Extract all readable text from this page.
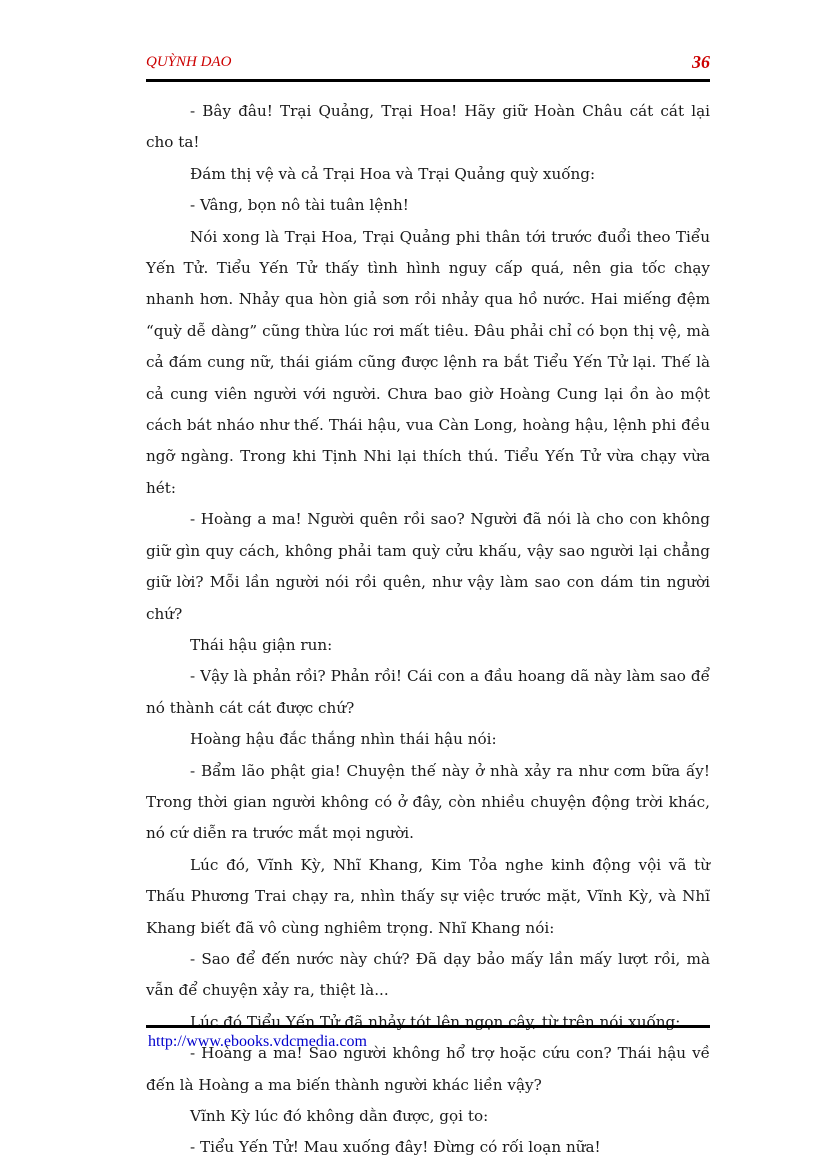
QUỲNH DAO	36

- Bây đâu! Trại Quảng, Trại Hoa! Hãy giữ Hoàn Châu cát cát lại cho ta!

Đám thị vệ và cả Trại Hoa và Trại Quảng quỳ xuống:

- Vâng, bọn nô tài tuân lệnh!

Nói xong là Trại Hoa, Trại Quảng phi thân tới trước đuổi theo Tiểu Yến Tử. Tiểu Yến Tử thấy tình hình nguy cấp quá, nên gia tốc chạy nhanh hơn. Nhảy qua hòn giả sơn rồi nhảy qua hồ nước. Hai miếng đệm “quỳ dễ dàng” cũng thừa lúc rơi mất tiêu. Đâu phải chỉ có bọn thị vệ, mà cả đám cung nữ, thái giám cũng được lệnh ra bắt Tiểu Yến Tử lại. Thế là cả cung viên người với người. Chưa bao giờ Hoàng Cung lại ồn ào một cách bát nháo như thế. Thái hậu, vua Càn Long, hoàng hậu, lệnh phi đều ngỡ ngàng. Trong khi Tịnh Nhi lại thích thú. Tiểu Yến Tử vừa chạy vừa hét:

- Hoàng a ma! Người quên rồi sao? Người đã nói là cho con không giữ gìn quy cách, không phải tam quỳ cửu khấu, vậy sao người lại chẳng giữ lời? Mỗi lần người nói rồi quên, như vậy làm sao con dám tin người chứ?

Thái hậu giận run:

- Vậy là phản rồi? Phản rồi! Cái con a đầu hoang dã này làm sao để nó thành cát cát được chứ?

Hoàng hậu đắc thắng nhìn thái hậu nói:

- Bẩm lão phật gia! Chuyện thế này ở nhà xảy ra như cơm bữa ấy! Trong thời gian người không có ở đây, còn nhiều chuyện động trời khác, nó cứ diễn ra trước mắt mọi người.

Lúc đó, Vĩnh Kỳ, Nhĩ Khang, Kim Tỏa nghe kinh động vội vã từ Thấu Phương Trai chạy ra, nhìn thấy sự việc trước mặt, Vĩnh Kỳ, và Nhĩ Khang biết đã vô cùng nghiêm trọng. Nhĩ Khang nói:

- Sao để đến nước này chứ? Đã dạy bảo mấy lần mấy lượt rồi, mà vẫn để chuyện xảy ra, thiệt là...

Lúc đó Tiểu Yến Tử đã nhảy tót lên ngọn cây, từ trên nói xuống:

- Hoàng a ma! Sao người không hổ trợ hoặc cứu con? Thái hậu về đến là Hoàng a ma biến thành người khác liền vậy?

Vĩnh Kỳ lúc đó không dằn được, gọi to:

- Tiểu Yến Tử! Mau xuống đây! Đừng có rối loạn nữa!

http://www.ebooks.vdcmedia.com
